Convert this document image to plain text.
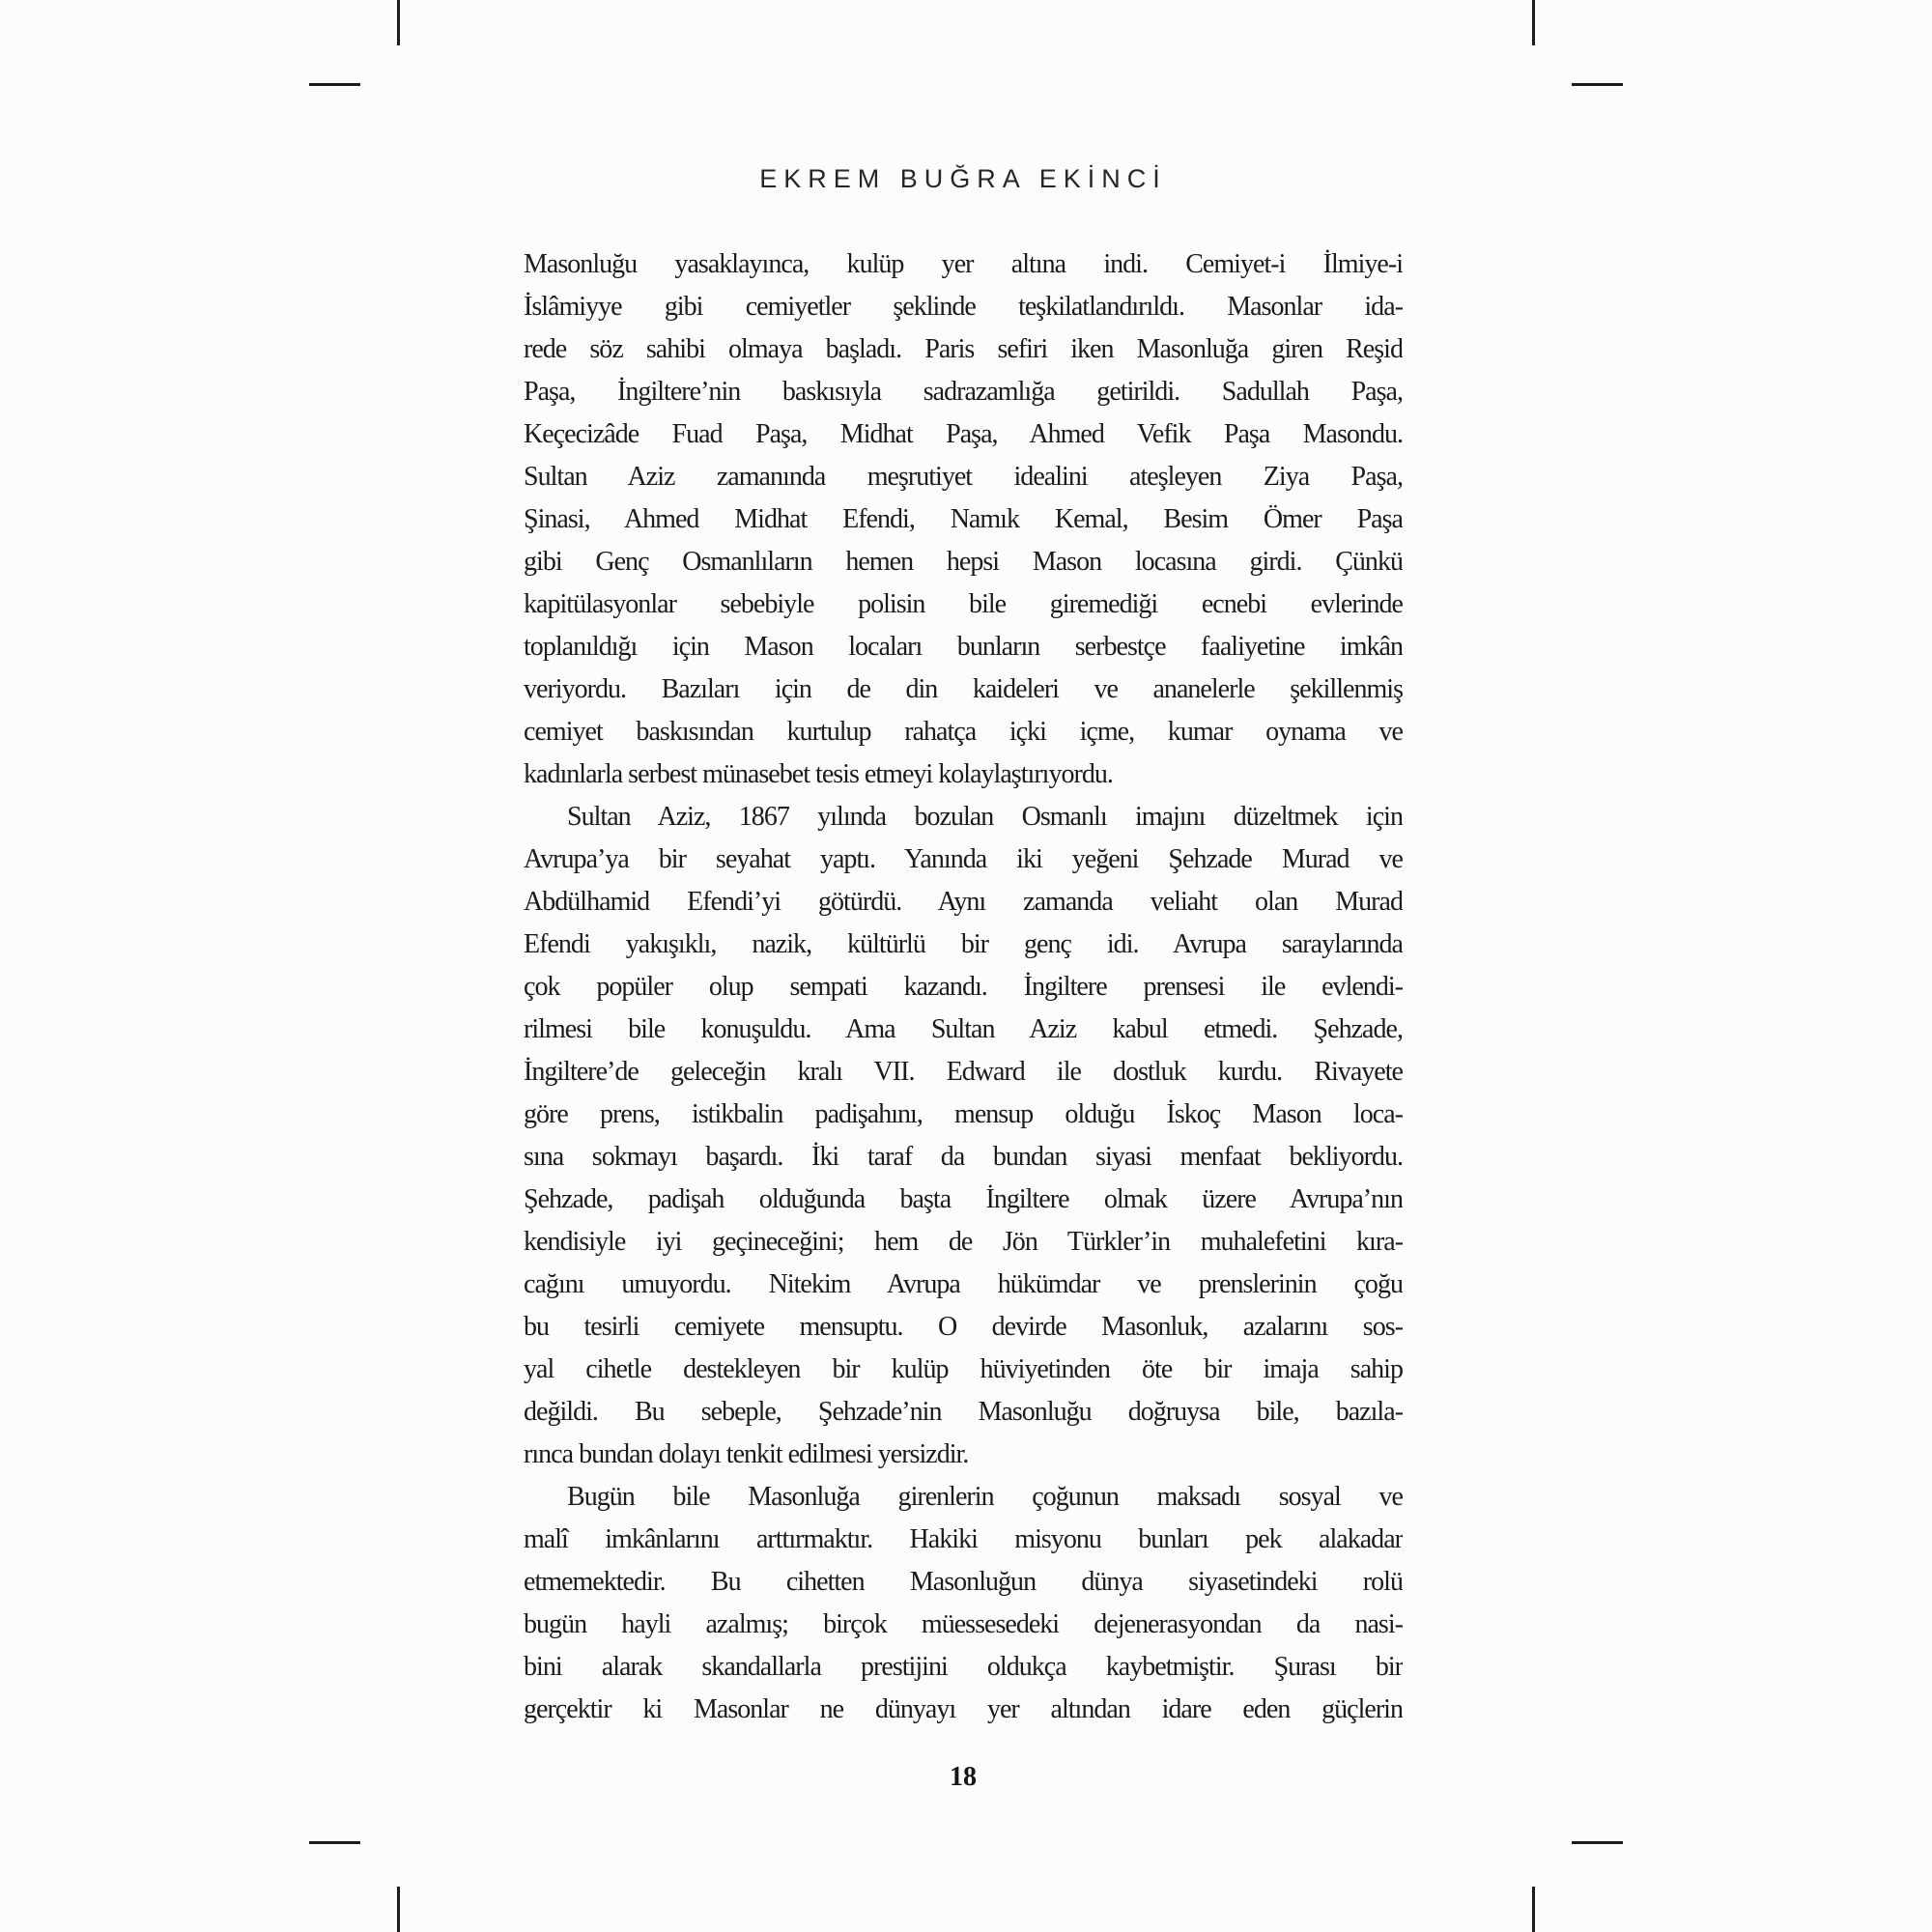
EKREM BUĞRA EKİNCİ
Masonluğu yasaklayınca, kulüp yer altına indi. Cemiyet-i İlmiye-i
İslâmiyye gibi cemiyetler şeklinde teşkilatlandırıldı. Masonlar ida-
rede söz sahibi olmaya başladı. Paris sefiri iken Masonluğa giren Reşid
Paşa, İngiltere’nin baskısıyla sadrazamlığa getirildi. Sadullah Paşa,
Keçecizâde Fuad Paşa, Midhat Paşa, Ahmed Vefik Paşa Masondu.
Sultan Aziz zamanında meşrutiyet idealini ateşleyen Ziya Paşa,
Şinasi, Ahmed Midhat Efendi, Namık Kemal, Besim Ömer Paşa
gibi Genç Osmanlıların hemen hepsi Mason locasına girdi. Çünkü
kapitülasyonlar sebebiyle polisin bile giremediği ecnebi evlerinde
toplanıldığı için Mason locaları bunların serbestçe faaliyetine imkân
veriyordu. Bazıları için de din kaideleri ve ananelerle şekillenmiş
cemiyet baskısından kurtulup rahatça içki içme, kumar oynama ve
kadınlarla serbest münasebet tesis etmeyi kolaylaştırıyordu.
Sultan Aziz, 1867 yılında bozulan Osmanlı imajını düzeltmek için
Avrupa’ya bir seyahat yaptı. Yanında iki yeğeni Şehzade Murad ve
Abdülhamid Efendi’yi götürdü. Aynı zamanda veliaht olan Murad
Efendi yakışıklı, nazik, kültürlü bir genç idi. Avrupa saraylarında
çok popüler olup sempati kazandı. İngiltere prensesi ile evlendi-
rilmesi bile konuşuldu. Ama Sultan Aziz kabul etmedi. Şehzade,
İngiltere’de geleceğin kralı VII. Edward ile dostluk kurdu. Rivayete
göre prens, istikbalin padişahını, mensup olduğu İskoç Mason loca-
sına sokmayı başardı. İki taraf da bundan siyasi menfaat bekliyordu.
Şehzade, padişah olduğunda başta İngiltere olmak üzere Avrupa’nın
kendisiyle iyi geçineceğini; hem de Jön Türkler’in muhalefetini kıra-
cağını umuyordu. Nitekim Avrupa hükümdar ve prenslerinin çoğu
bu tesirli cemiyete mensuptu. O devirde Masonluk, azalarını sos-
yal cihetle destekleyen bir kulüp hüviyetinden öte bir imaja sahip
değildi. Bu sebeple, Şehzade’nin Masonluğu doğruysa bile, bazıla-
rınca bundan dolayı tenkit edilmesi yersizdir.
Bugün bile Masonluğa girenlerin çoğunun maksadı sosyal ve
malî imkânlarını arttırmaktır. Hakiki misyonu bunları pek alakadar
etmemektedir. Bu cihetten Masonluğun dünya siyasetindeki rolü
bugün hayli azalmış; birçok müessesedeki dejenerasyondan da nasi-
bini alarak skandallarla prestijini oldukça kaybetmiştir. Şurası bir
gerçektir ki Masonlar ne dünyayı yer altından idare eden güçlerin
18
